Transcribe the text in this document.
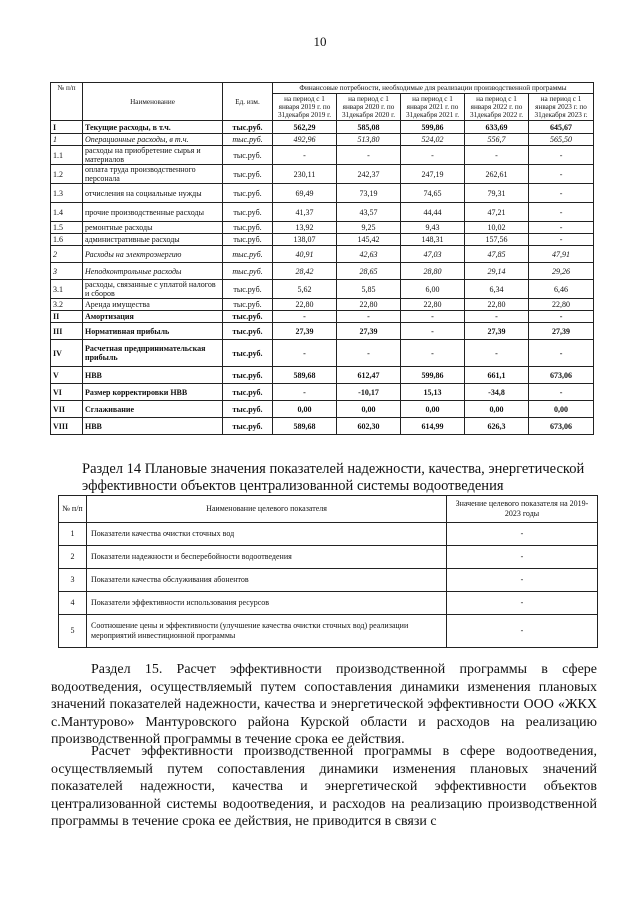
10
№ п/п	Наименование	Ед. изм.	Финансовые потребности, необходимые для реализации производственной программы				
			на период с 1 января 2019 г. по 31декабря 2019 г.	на период с 1 января 2020 г. по 31декабря 2020 г.	на период с 1 января 2021 г. по 31декабря 2021 г.	на период с 1 января 2022 г. по 31декабря 2022 г.	на период с 1 января 2023 г. по 31декабря 2023 г.
I	Текущие расходы, в т.ч.	тыс.руб.	562,29	585,08	599,86	633,69	645,67
1	Операционные расходы, в т.ч.	тыс.руб.	492,96	513,80	524,02	556,7	565,50
1.1	расходы на приобретение сырья и материалов	тыс.руб.	-	-	-	-	-
1.2	оплата труда производственного персонала	тыс.руб.	230,11	242,37	247,19	262,61	-
1.3	отчисления на социальные нужды	тыс.руб.	69,49	73,19	74,65	79,31	-
1.4	прочие производственные расходы	тыс.руб.	41,37	43,57	44,44	47,21	-
1.5	ремонтные расходы	тыс.руб.	13,92	9,25	9,43	10,02	-
1.6	административные расходы	тыс.руб.	138,07	145,42	148,31	157,56	-
2	Расходы на электроэнергию	тыс.руб.	40,91	42,63	47,03	47,85	47,91
3	Неподконтрольные расходы	тыс.руб.	28,42	28,65	28,80	29,14	29,26
3.1	расходы, связанные с уплатой налогов и сборов	тыс.руб.	5,62	5,85	6,00	6,34	6,46
3.2	Аренда имущества	тыс.руб.	22,80	22,80	22,80	22,80	22,80
II	Амортизация	тыс.руб.	-	-	-	-	-
III	Нормативная прибыль	тыс.руб.	27,39	27,39	-	27,39	27,39
IV	Расчетная предпринимательская прибыль	тыс.руб.	-	-	-	-	-
V	НВВ	тыс.руб.	589,68	612,47	599,86	661,1	673,06
VI	Размер корректировки НВВ	тыс.руб.	-	-10,17	15,13	-34,8	-
VII	Сглаживание	тыс.руб.	0,00	0,00	0,00	0,00	0,00
VIII	НВВ	тыс.руб.	589,68	602,30	614,99	626,3	673,06
Раздел 14 Плановые значения показателей надежности, качества, энергетической эффективности объектов централизованной системы водоотведения
№ п/п	Наименование целевого показателя	Значение целевого показателя на 2019-2023 годы
1	Показатели качества очистки сточных вод	-
2	Показатели надежности и бесперебойности водоотведения	-
3	Показатели качества обслуживания абонентов	-
4	Показатели эффективности использования ресурсов	-
5	Соотношение цены и эффективности (улучшение качества очистки сточных вод) реализации мероприятий инвестиционной программы	-

Раздел 15. Расчет эффективности производственной программы в сфере водоотведения, осуществляемый путем сопоставления динамики изменения плановых значений показателей надежности, качества и энергетической эффективности ООО «ЖКХ с.Мантурово» Мантуровского района Курской области и расходов на реализацию производственной программы в течение срока ее действия.

Расчет эффективности производственной программы в сфере водоотведения, осуществляемый путем сопоставления динамики изменения плановых значений показателей надежности, качества и энергетической эффективности объектов централизованной системы водоотведения, и расходов на реализацию производственной программы в течение срока ее действия, не приводится в связи с
